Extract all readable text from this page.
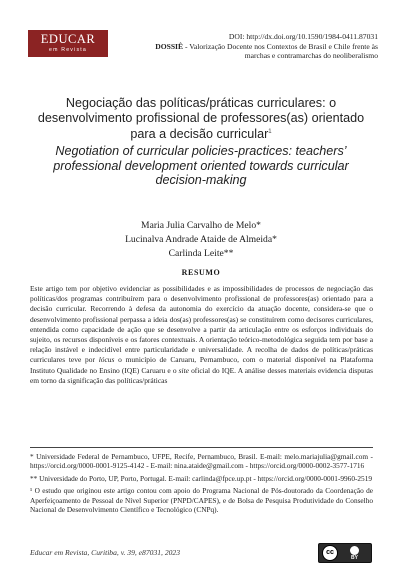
EDUCAR
em Revista
DOI: http://dx.doi.org/10.1590/1984-0411.87031
DOSSIÊ - Valorização Docente nos Contextos de Brasil e Chile frente às marchas e contramarchas do neoliberalismo
Negociação das políticas/práticas curriculares: o desenvolvimento profissional de professores(as) orientado para a decisão curricular$^1$
Negotiation of curricular policies-practices: teachers’ professional development oriented towards curricular decision-making
Maria Julia Carvalho de Melo*
Lucinalva Andrade Ataide de Almeida*
Carlinda Leite**
RESUMO
Este artigo tem por objetivo evidenciar as possibilidades e as impossibilidades de processos de negociação das políticas/dos programas contribuírem para o desenvolvimento profissional de professores(as) orientado para a decisão curricular. Recorrendo à defesa da autonomia do exercício da atuação docente, considera-se que o desenvolvimento profissional perpassa a ideia dos(as) professores(as) se constituírem como decisores curriculares, entendida como capacidade de ação que se desenvolve a partir da articulação entre os esforços individuais do sujeito, os recursos disponíveis e os fatores contextuais. A orientação teórico-metodológica seguida tem por base a relação instável e indecidível entre particularidade e universalidade. A recolha de dados de políticas/práticas curriculares teve por lócus o município de Caruaru, Pernambuco, com o material disponível na Plataforma Instituto Qualidade no Ensino (IQE) Caruaru e o site oficial do IQE. A análise desses materiais evidencia disputas em torno da significação das políticas/práticas

* Universidade Federal de Pernambuco, UFPE, Recife, Pernambuco, Brasil. E-mail: melo.mariajulia@gmail.com - https://orcid.org/0000-0001-9125-4142 - E-mail: nina.ataide@gmail.com - https://orcid.org/0000-0002-3577-1716

** Universidade do Porto, UP, Porto, Portugal. E-mail: carlinda@fpce.up.pt - https://orcid.org/0000-0001-9960-2519

¹ O estudo que originou este artigo contou com apoio do Programa Nacional de Pós-doutorado da Coordenação de Aperfeiçoamento de Pessoal de Nível Superior (PNPD/CAPES), e de Bolsa de Pesquisa Produtividade do Conselho Nacional de Desenvolvimento Científico e Tecnológico (CNPq).

Educar em Revista, Curitiba, v. 39, e87031, 2023	cc
BY
